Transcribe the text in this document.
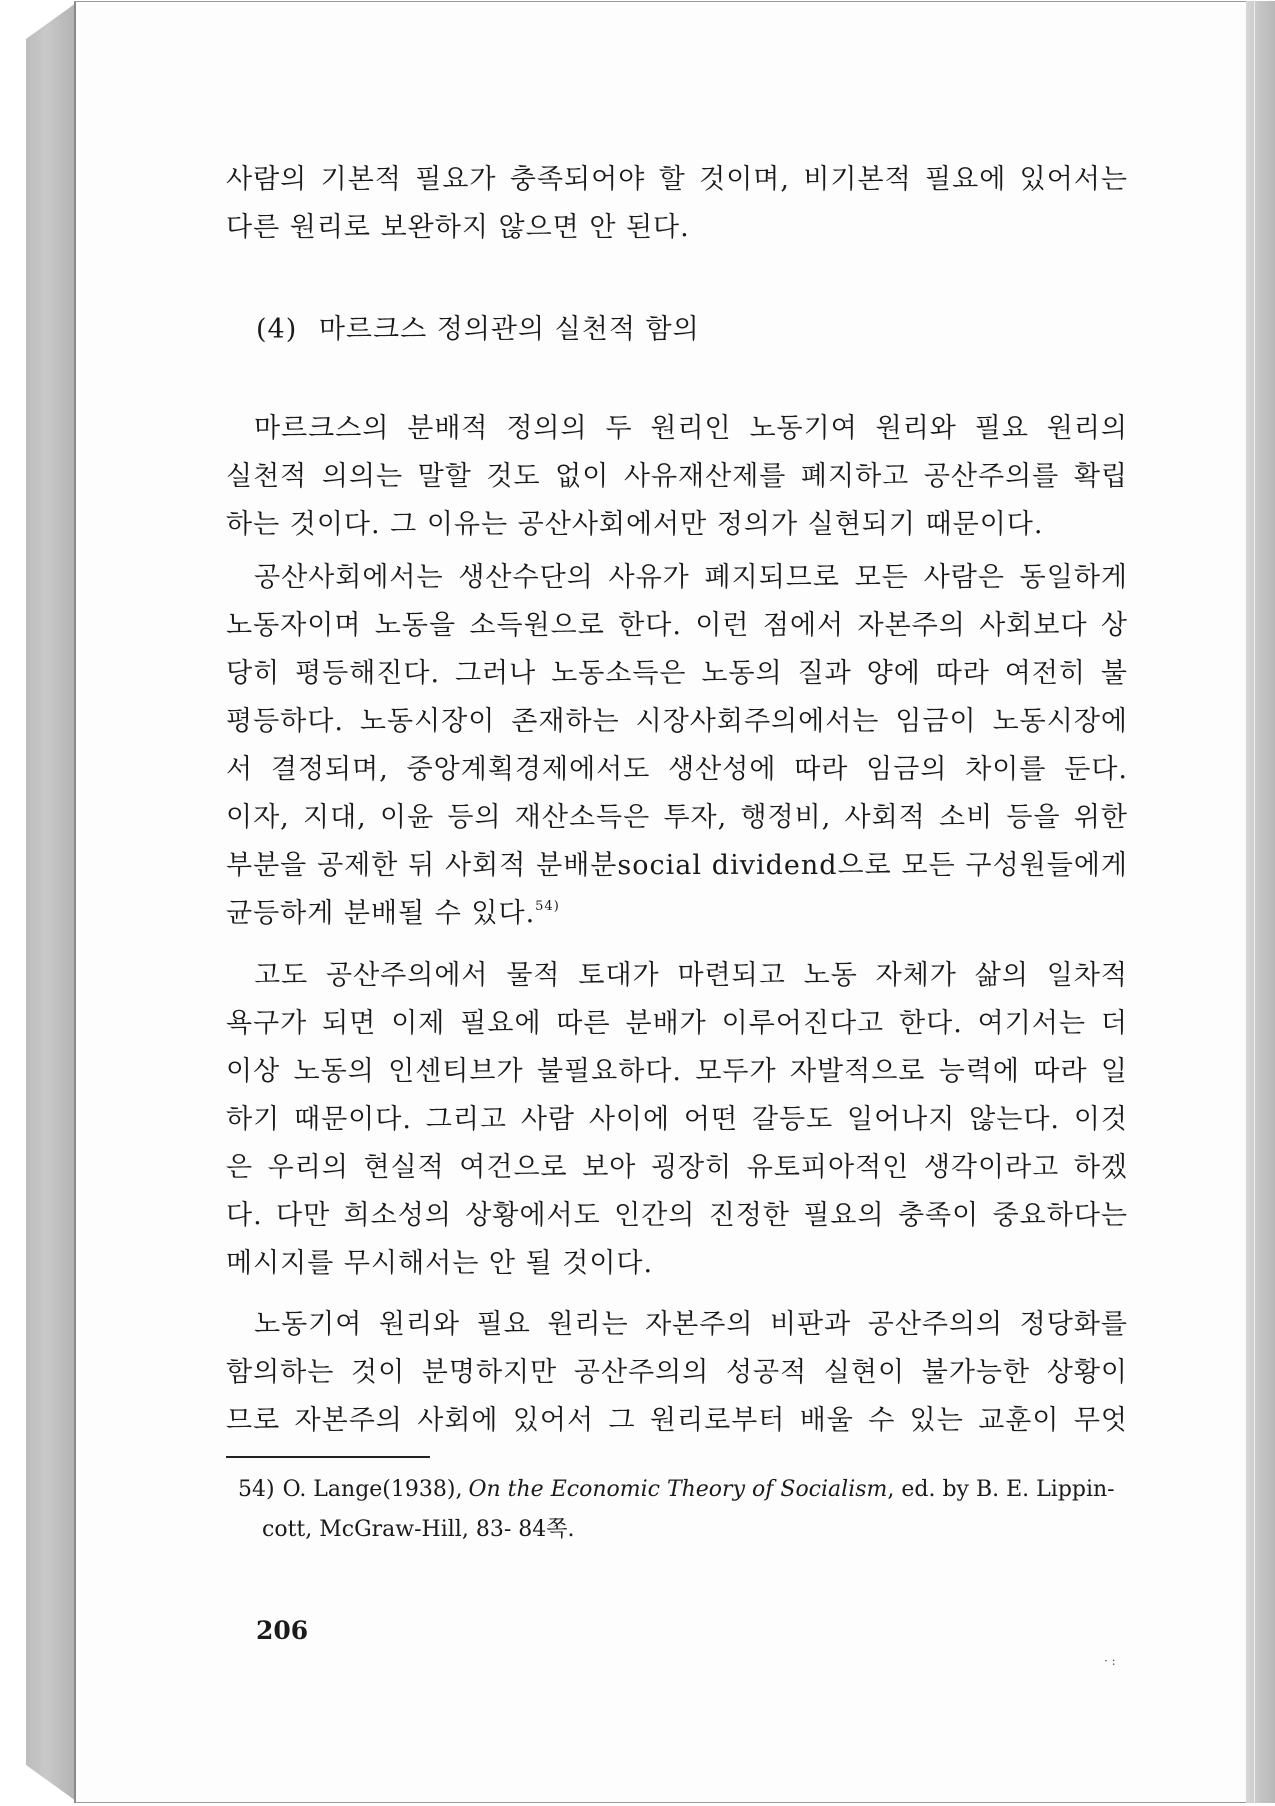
사람의 기본적 필요가 충족되어야 할 것이며, 비기본적 필요에 있어서는
다른 원리로 보완하지 않으면 안 된다.
(4) 마르크스 정의관의 실천적 함의
마르크스의 분배적 정의의 두 원리인 노동기여 원리와 필요 원리의
실천적 의의는 말할 것도 없이 사유재산제를 폐지하고 공산주의를 확립
하는 것이다. 그 이유는 공산사회에서만 정의가 실현되기 때문이다.
공산사회에서는 생산수단의 사유가 폐지되므로 모든 사람은 동일하게
노동자이며 노동을 소득원으로 한다. 이런 점에서 자본주의 사회보다 상
당히 평등해진다. 그러나 노동소득은 노동의 질과 양에 따라 여전히 불
평등하다. 노동시장이 존재하는 시장사회주의에서는 임금이 노동시장에
서 결정되며, 중앙계획경제에서도 생산성에 따라 임금의 차이를 둔다.
이자, 지대, 이윤 등의 재산소득은 투자, 행정비, 사회적 소비 등을 위한
부분을 공제한 뒤 사회적 분배분social dividend으로 모든 구성원들에게
균등하게 분배될 수 있다.$^{54)}$
고도 공산주의에서 물적 토대가 마련되고 노동 자체가 삶의 일차적
욕구가 되면 이제 필요에 따른 분배가 이루어진다고 한다. 여기서는 더
이상 노동의 인센티브가 불필요하다. 모두가 자발적으로 능력에 따라 일
하기 때문이다. 그리고 사람 사이에 어떤 갈등도 일어나지 않는다. 이것
은 우리의 현실적 여건으로 보아 굉장히 유토피아적인 생각이라고 하겠
다. 다만 희소성의 상황에서도 인간의 진정한 필요의 충족이 중요하다는
메시지를 무시해서는 안 될 것이다.
노동기여 원리와 필요 원리는 자본주의 비판과 공산주의의 정당화를
함의하는 것이 분명하지만 공산주의의 성공적 실현이 불가능한 상황이
므로 자본주의 사회에 있어서 그 원리로부터 배울 수 있는 교훈이 무엇
54) O. Lange(1938), On the Economic Theory of Socialism, ed. by B. E. Lippin-
cott, McGraw-Hill, 83- 84쪽.
206
· :
